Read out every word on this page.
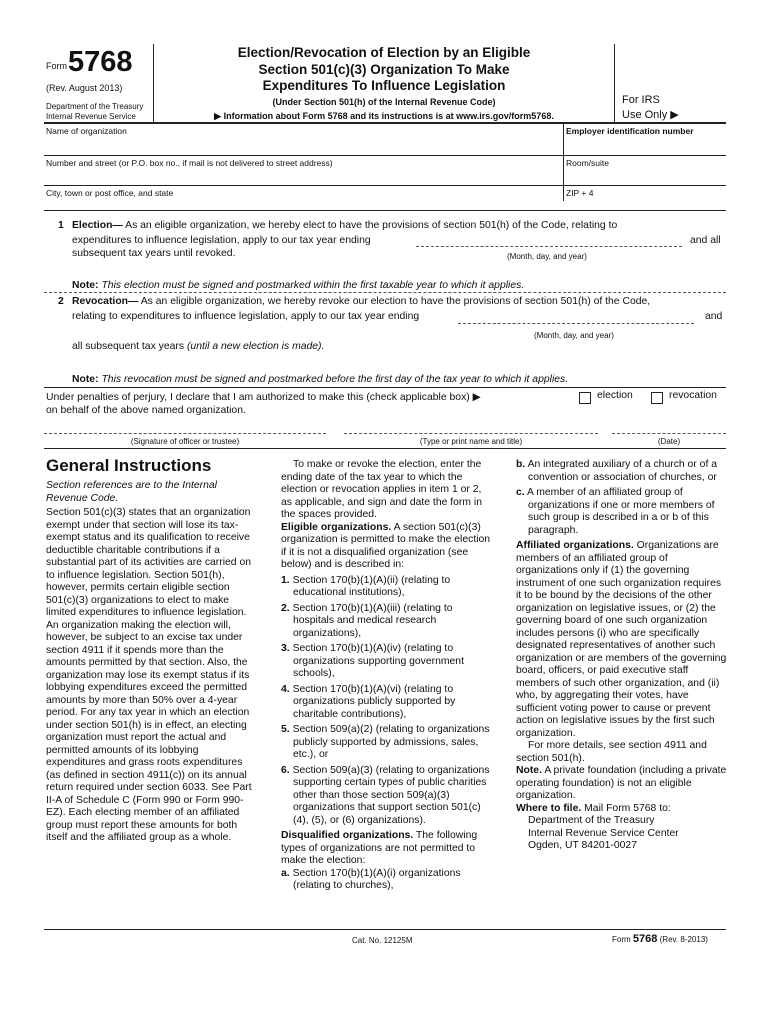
Form 5768
(Rev. August 2013)
Department of the Treasury
Internal Revenue Service
Election/Revocation of Election by an Eligible
Section 501(c)(3) Organization To Make
Expenditures To Influence Legislation
(Under Section 501(h) of the Internal Revenue Code)
▶ Information about Form 5768 and its instructions is at www.irs.gov/form5768.
For IRS
Use Only ▶
Name of organization	Employer identification number
Number and street (or P.O. box no., if mail is not delivered to street address)	Room/suite
City, town or post office, and state	ZIP + 4
1 Election— As an eligible organization, we hereby elect to have the provisions of section 501(h) of the Code, relating to
expenditures to influence legislation, apply to our tax year ending	and all
subsequent tax years until revoked.	(Month, day, and year)
Note: This election must be signed and postmarked within the first taxable year to which it applies.
2 Revocation— As an eligible organization, we hereby revoke our election to have the provisions of section 501(h) of the Code,
relating to expenditures to influence legislation, apply to our tax year ending	and
(Month, day, and year)
all subsequent tax years (until a new election is made).
Note: This revocation must be signed and postmarked before the first day of the tax year to which it applies.
Under penalties of perjury, I declare that I am authorized to make this (check applicable box) ▶
on behalf of the above named organization.
election	revocation
(Signature of officer or trustee)	(Type or print name and title)	(Date)
General Instructions

Section references are to the Internal Revenue Code.

Section 501(c)(3) states that an organization exempt under that section will lose its tax-exempt status and its qualification to receive deductible charitable contributions if a substantial part of its activities are carried on to influence legislation. Section 501(h), however, permits certain eligible section 501(c)(3) organizations to elect to make limited expenditures to influence legislation. An organization making the election will, however, be subject to an excise tax under section 4911 if it spends more than the amounts permitted by that section. Also, the organization may lose its exempt status if its lobbying expenditures exceed the permitted amounts by more than 50% over a 4-year period. For any tax year in which an election under section 501(h) is in effect, an electing organization must report the actual and permitted amounts of its lobbying expenditures and grass roots expenditures (as defined in section 4911(c)) on its annual return required under section 6033. See Part II-A of Schedule C (Form 990 or Form 990-EZ). Each electing member of an affiliated group must report these amounts for both itself and the affiliated group as a whole.

To make or revoke the election, enter the ending date of the tax year to which the election or revocation applies in item 1 or 2, as applicable, and sign and date the form in the spaces provided.

Eligible organizations. A section 501(c)(3) organization is permitted to make the election if it is not a disqualified organization (see below) and is described in:

1. Section 170(b)(1)(A)(ii) (relating to educational institutions),

2. Section 170(b)(1)(A)(iii) (relating to hospitals and medical research organizations),

3. Section 170(b)(1)(A)(iv) (relating to organizations supporting government schools),

4. Section 170(b)(1)(A)(vi) (relating to organizations publicly supported by charitable contributions),

5. Section 509(a)(2) (relating to organizations publicly supported by admissions, sales, etc.), or

6. Section 509(a)(3) (relating to organizations supporting certain types of public charities other than those section 509(a)(3) organizations that support section 501(c)(4), (5), or (6) organizations).

Disqualified organizations. The following types of organizations are not permitted to make the election:

a. Section 170(b)(1)(A)(i) organizations (relating to churches),

b. An integrated auxiliary of a church or of a convention or association of churches, or

c. A member of an affiliated group of organizations if one or more members of such group is described in a or b of this paragraph.

Affiliated organizations. Organizations are members of an affiliated group of organizations only if (1) the governing instrument of one such organization requires it to be bound by the decisions of the other organization on legislative issues, or (2) the governing board of one such organization includes persons (i) who are specifically designated representatives of another such organization or are members of the governing board, officers, or paid executive staff members of such other organization, and (ii) who, by aggregating their votes, have sufficient voting power to cause or prevent action on legislative issues by the first such organization.

For more details, see section 4911 and section 501(h).

Note. A private foundation (including a private operating foundation) is not an eligible organization.

Where to file. Mail Form 5768 to:

Department of the Treasury

Internal Revenue Service Center

Ogden, UT 84201-0027

Cat. No. 12125M	Form 5768 (Rev. 8-2013)
